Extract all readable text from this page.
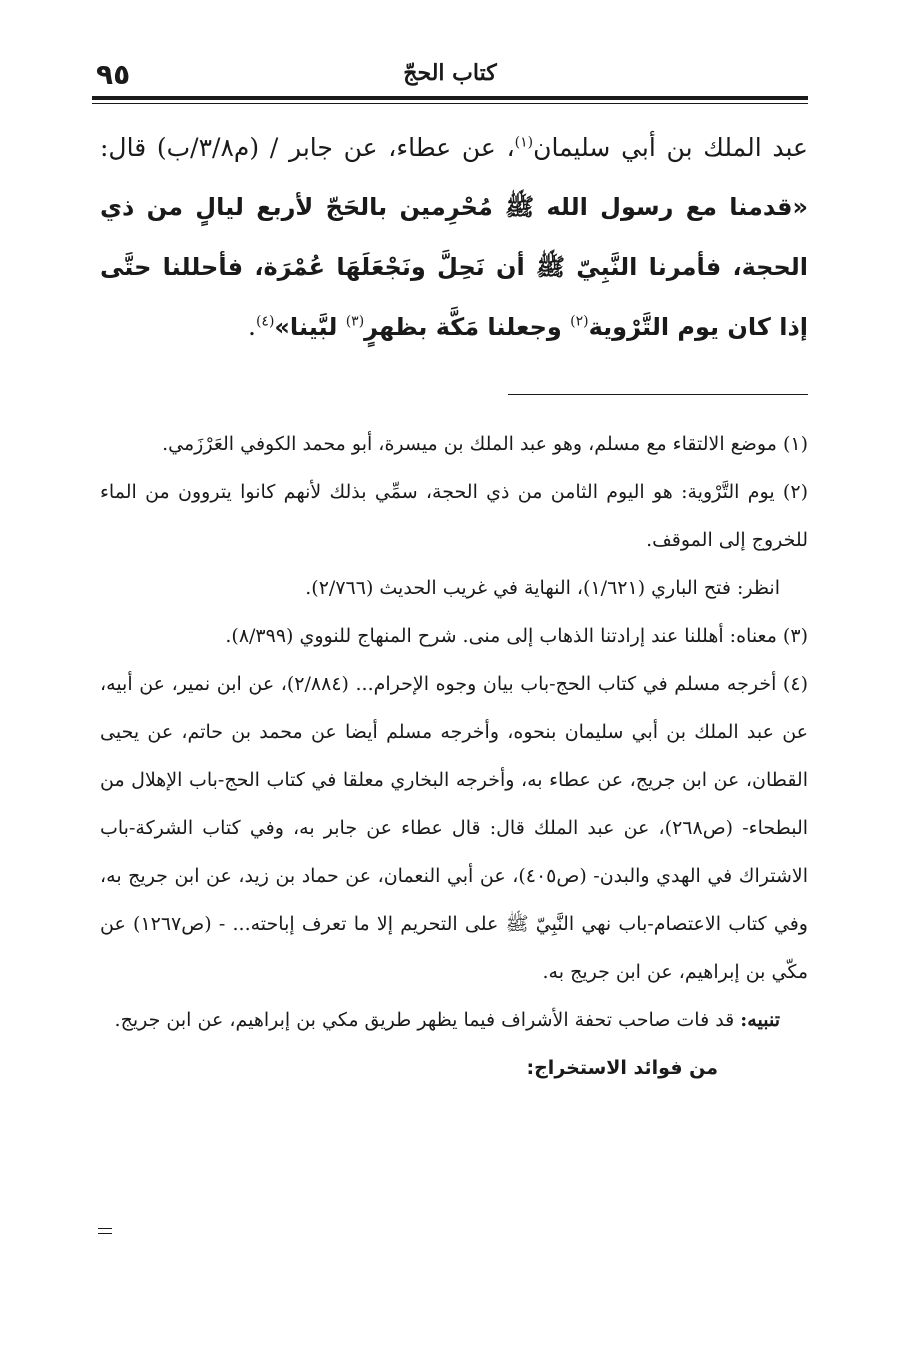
٩٥	كتاب الحجّ
عبد الملك بن أبي سليمان$^{(١)}$، عن عطاء، عن جابر / (م٣/٨/ب) قال: «قدمنا مع رسول الله ﷺ مُحْرِمين بالحَجّ لأربع ليالٍ من ذي الحجة، فأمرنا النَّبِيّ ﷺ أن نَحِلَّ ونَجْعَلَهَا عُمْرَة، فأحللنا حتَّى إذا كان يوم التَّرْوية$^{(٢)}$ وجعلنا مَكَّة بظهرٍ$^{(٣)}$ لبَّينا»$^{(٤)}$.

(١) موضع الالتقاء مع مسلم، وهو عبد الملك بن ميسرة، أبو محمد الكوفي العَرْزَمي.

(٢) يوم التَّرْوية: هو اليوم الثامن من ذي الحجة، سمِّي بذلك لأنهم كانوا يتروون من الماء للخروج إلى الموقف.

انظر: فتح الباري (١/٦٢١)، النهاية في غريب الحديث (٢/٧٦٦).

(٣) معناه: أهللنا عند إرادتنا الذهاب إلى منى. شرح المنهاج للنووي (٨/٣٩٩).

(٤) أخرجه مسلم في كتاب الحج-باب بيان وجوه الإحرام... (٢/٨٨٤)، عن ابن نمير، عن أبيه، عن عبد الملك بن أبي سليمان بنحوه، وأخرجه مسلم أيضا عن محمد بن حاتم، عن يحيى القطان، عن ابن جريج، عن عطاء به، وأخرجه البخاري معلقا في كتاب الحج-باب الإهلال من البطحاء- (ص٢٦٨)، عن عبد الملك قال: قال عطاء عن جابر به، وفي كتاب الشركة-باب الاشتراك في الهدي والبدن- (ص٤٠٥)، عن أبي النعمان، عن حماد بن زيد، عن ابن جريج به، وفي كتاب الاعتصام-باب نهي النَّبِيّ ﷺ على التحريم إلا ما تعرف إباحته... - (ص١٢٦٧) عن مكّي بن إبراهيم، عن ابن جريج به.

تنبيه: قد فات صاحب تحفة الأشراف فيما يظهر طريق مكي بن إبراهيم، عن ابن جريج.

من فوائد الاستخراج:
